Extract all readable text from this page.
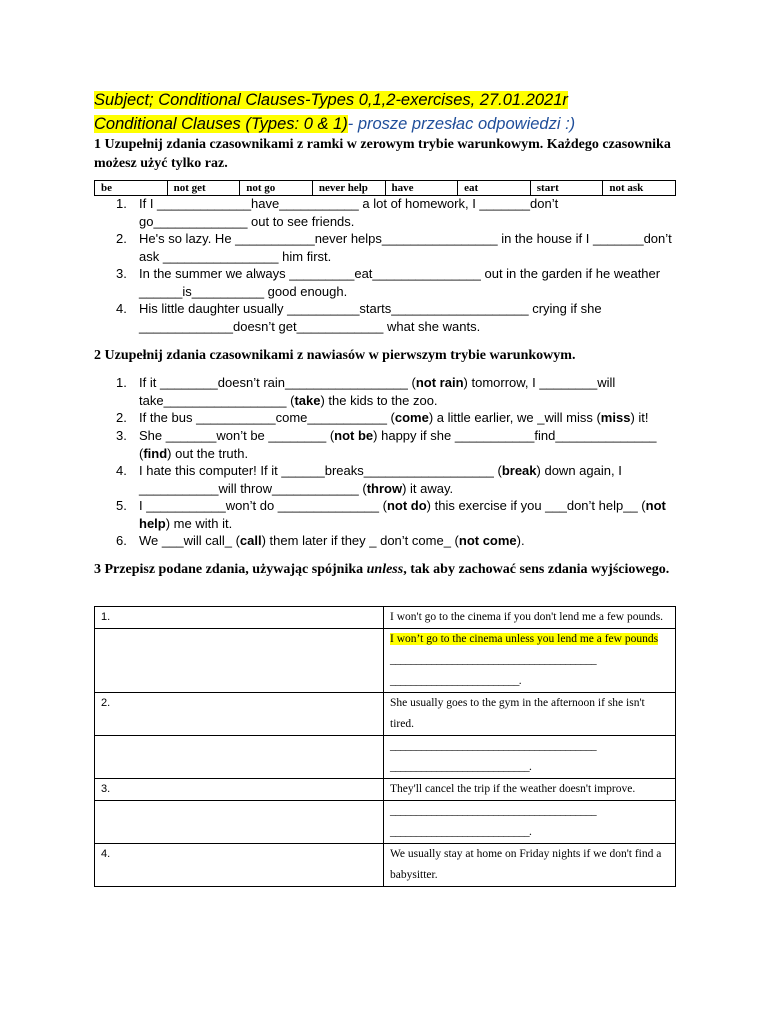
Subject; Conditional Clauses-Types 0,1,2-exercises, 27.01.2021r
Conditional Clauses (Types: 0 & 1)- prosze przesłac odpowiedzi :)
1 Uzupełnij zdania czasownikami z ramki w zerowym trybie warunkowym. Każdego czasownika możesz użyć tylko raz.
be	not get	not go	never help	have	eat	start	not ask
1. If I _____________have___________ a lot of homework, I _______don’t
go_____________ out to see friends.
2. He's so lazy. He ___________never helps________________ in the house if I _______don’t
ask ________________ him first.
3. In the summer we always _________eat_______________ out in the garden if he weather
______is__________ good enough.
4. His little daughter usually __________starts___________________ crying if she
_____________doesn’t get____________ what she wants.
2 Uzupełnij zdania czasownikami z nawiasów w pierwszym trybie warunkowym.
1. If it ________doesn’t rain_________________ (not rain) tomorrow, I ________will
take_________________ (take) the kids to the zoo.
2. If the bus ___________come___________ (come) a little earlier, we _will miss (miss) it!
3. She _______won’t be ________ (not be) happy if she ___________find______________
(find) out the truth.
4. I hate this computer! If it ______breaks__________________ (break) down again, I
___________will throw____________ (throw) it away.
5. I ___________won’t do ______________ (not do) this exercise if you ___don’t help__ (not
help) me with it.
6. We ___will call_ (call) them later if they _ don’t come_ (not come).
3 Przepisz podane zdania, używając spójnika unless, tak aby zachować sens zdania wyjściowego.
1.	I won't go to the cinema if you don't lend me a few pounds.

	I won’t go to the cinema unless you lend me a few pounds
________________________________________
_________________________.

2.	She usually goes to the gym in the afternoon if she isn't tired.

	________________________________________
___________________________.

3.	They'll cancel the trip if the weather doesn't improve.

	________________________________________
___________________________.

4.	We usually stay at home on Friday nights if we don't find a babysitter.
